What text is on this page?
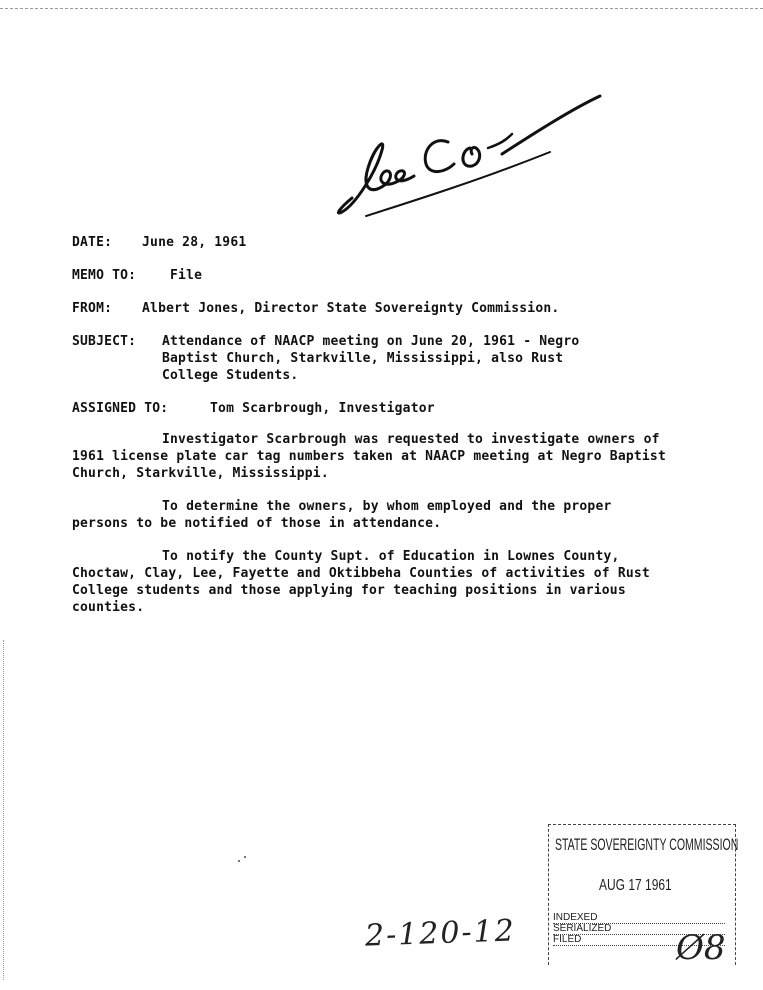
DATE: June 28, 1961
MEMO TO:	File
FROM: Albert Jones, Director State Sovereignty Commission.
SUBJECT:	Attendance of NAACP meeting on June 20, 1961 - Negro
Baptist Church, Starkville, Mississippi, also Rust
College Students.
ASSIGNED TO:	Tom Scarbrough, Investigator

Investigator Scarbrough was requested to investigate owners of 1961 license plate car tag numbers taken at NAACP meeting at Negro Baptist Church, Starkville, Mississippi.

To determine the owners, by whom employed and the proper persons to be notified of those in attendance.

To notify the County Supt. of Education in Lownes County, Choctaw, Clay, Lee, Fayette and Oktibbeha Counties of activities of Rust College students and those applying for teaching positions in various counties.

STATE SOVEREIGNTY COMMISSION
AUG 17 1961
INDEXED
SERIALIZED
FILED
2-120-12	Ø8
